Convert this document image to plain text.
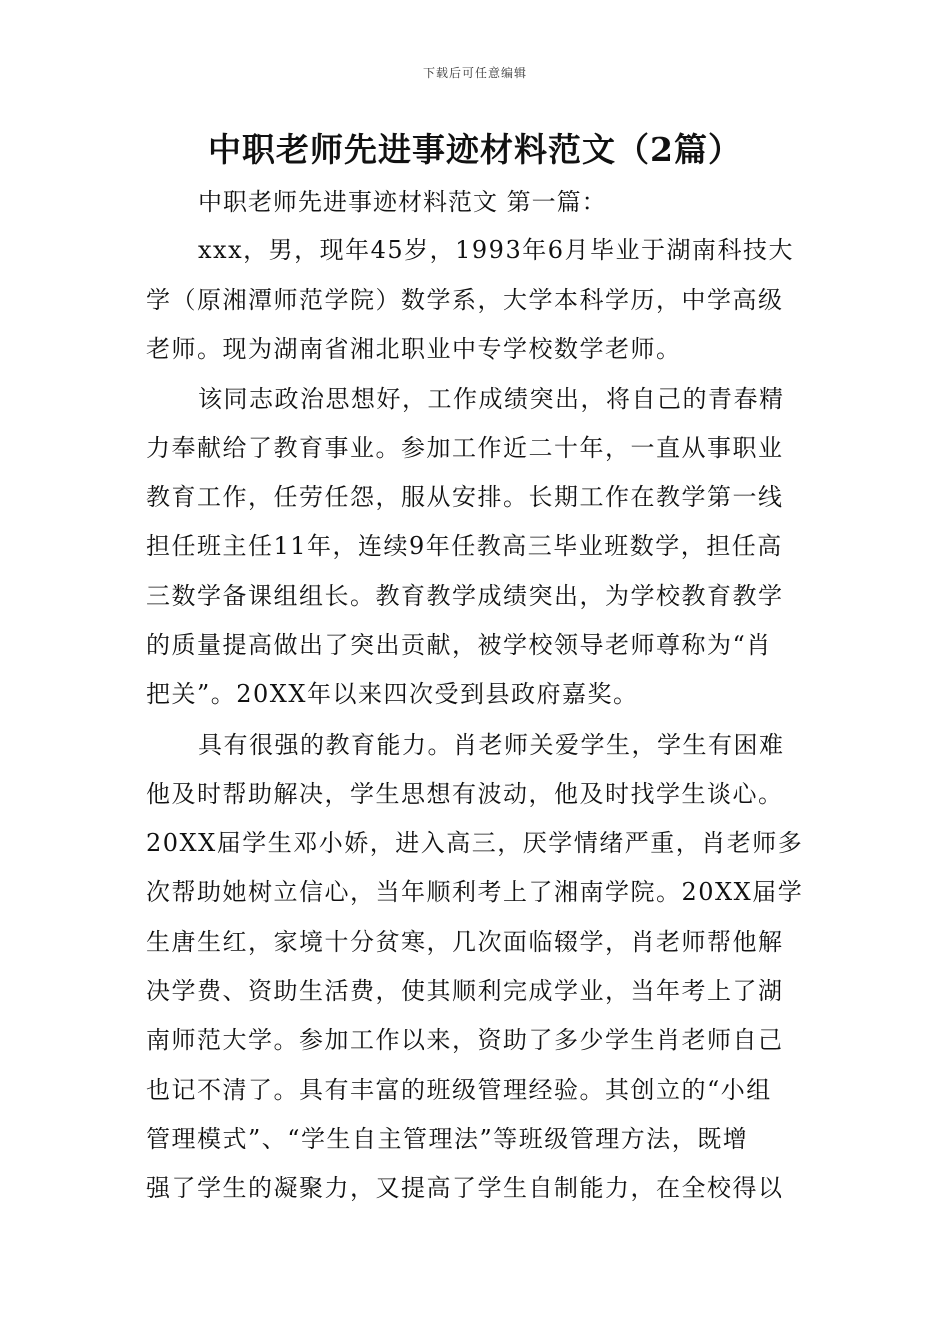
下载后可任意编辑
中职老师先进事迹材料范文（2篇）
中职老师先进事迹材料范文 第一篇：
xxx，男，现年45岁，1993年6月毕业于湖南科技大
学（原湘潭师范学院）数学系，大学本科学历，中学高级
老师。现为湖南省湘北职业中专学校数学老师。
该同志政治思想好，工作成绩突出，将自己的青春精
力奉献给了教育事业。参加工作近二十年，一直从事职业
教育工作，任劳任怨，服从安排。长期工作在教学第一线
担任班主任11年，连续9年任教高三毕业班数学，担任高
三数学备课组组长。教育教学成绩突出，为学校教育教学
的质量提高做出了突出贡献，被学校领导老师尊称为“肖
把关”。20XX年以来四次受到县政府嘉奖。
具有很强的教育能力。肖老师关爱学生，学生有困难
他及时帮助解决，学生思想有波动，他及时找学生谈心。
20XX届学生邓小娇，进入高三，厌学情绪严重，肖老师多
次帮助她树立信心，当年顺利考上了湘南学院。20XX届学
生唐生红，家境十分贫寒，几次面临辍学，肖老师帮他解
决学费、资助生活费，使其顺利完成学业，当年考上了湖
南师范大学。参加工作以来，资助了多少学生肖老师自己
也记不清了。具有丰富的班级管理经验。其创立的“小组
管理模式”、“学生自主管理法”等班级管理方法，既增
强了学生的凝聚力，又提高了学生自制能力，在全校得以
